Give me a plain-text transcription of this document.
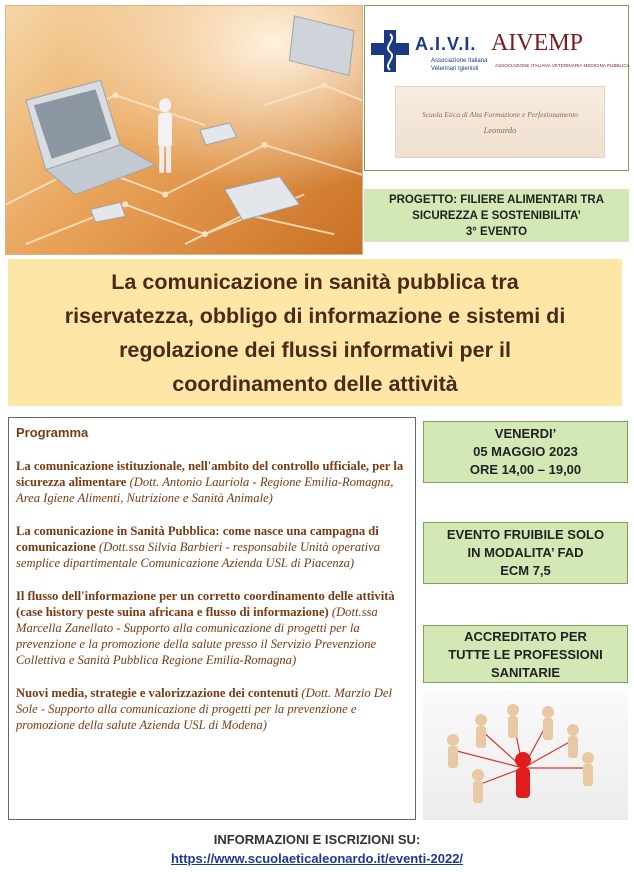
A.I.V.I.
Associazione Italiana
Veterinari Igienisti
AIVEMP
ASSOCIAZIONE ITALIANA VETERINARIA MEDICINA PUBBLICA
Scuola Etica di Alta Formazione e Perfezionamento
Leonardo
PROGETTO: FILIERE ALIMENTARI TRA
SICUREZZA E SOSTENIBILITA’
3° EVENTO

La comunicazione in sanità pubblica tra
riservatezza, obbligo di informazione e sistemi di
regolazione dei flussi informativi per il
coordinamento delle attività

Programma
La comunicazione istituzionale, nell'ambito del controllo ufficiale, per la sicurezza alimentare (Dott. Antonio Lauriola - Regione Emilia-Romagna, Area Igiene Alimenti, Nutrizione e Sanità Animale)
La comunicazione in Sanità Pubblica: come nasce una campagna di comunicazione (Dott.ssa Silvia Barbieri - responsabile Unità operativa semplice dipartimentale Comunicazione Azienda USL di Piacenza)
Il flusso dell'informazione per un corretto coordinamento delle attività (case history peste suina africana e flusso di informazione) (Dott.ssa Marcella Zanellato - Supporto alla comunicazione di progetti per la prevenzione e la promozione della salute presso il Servizio Prevenzione Collettiva e Sanità Pubblica Regione Emilia-Romagna)
Nuovi media, strategie e valorizzazione dei contenuti (Dott. Marzio Del Sole - Supporto alla comunicazione di progetti per la prevenzione e promozione della salute Azienda USL di Modena)
VENERDI’
05 MAGGIO 2023
ORE 14,00 – 19,00
EVENTO FRUIBILE SOLO
IN MODALITA’ FAD
ECM 7,5
ACCREDITATO PER
TUTTE LE PROFESSIONI
SANITARIE
INFORMAZIONI E ISCRIZIONI SU:
https://www.scuolaeticaleonardo.it/eventi-2022/
